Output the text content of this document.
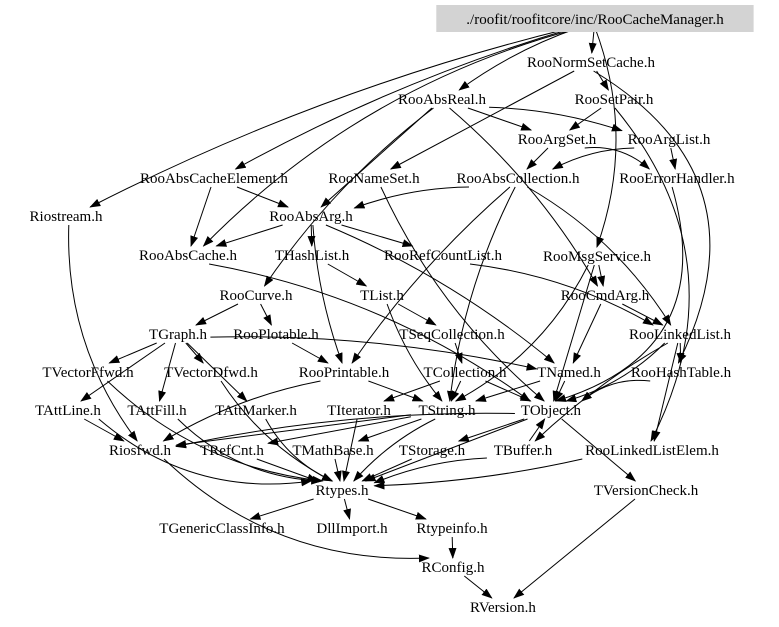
./roofit/roofitcore/inc/RooCacheManager.h
RooNormSetCache.h
RooAbsReal.h	RooSetPair.h
RooArgSet.h RooArgList.h
RooAbsCacheElement.h	RooNameSet.h RooAbsCollection.h	RooErrorHandler.h
Riostream.h	RooAbsArg.h
RooAbsCache.h	THashList.h RooRefCountList.h	RooMsgService.h
RooCurve.h	TList.h	RooCmdArg.h
TGraph.h RooPlotable.h	TSeqCollection.h	RooLinkedList.h
TVectorFfwd.h TVectorDfwd.h	RooPrintable.h TCollection.h TNamed.h RooHashTable.h
TAttLine.h TAttFill.h TAttMarker.h TIterator.h TString.h	TObject.h
Riosfwd.h TRefCnt.h TMathBase.h TStorage.h TBuffer.h RooLinkedListElem.h
Rtypes.h	TVersionCheck.h
TGenericClassInfo.h DllImport.h Rtypeinfo.h
RConfig.h
RVersion.h
